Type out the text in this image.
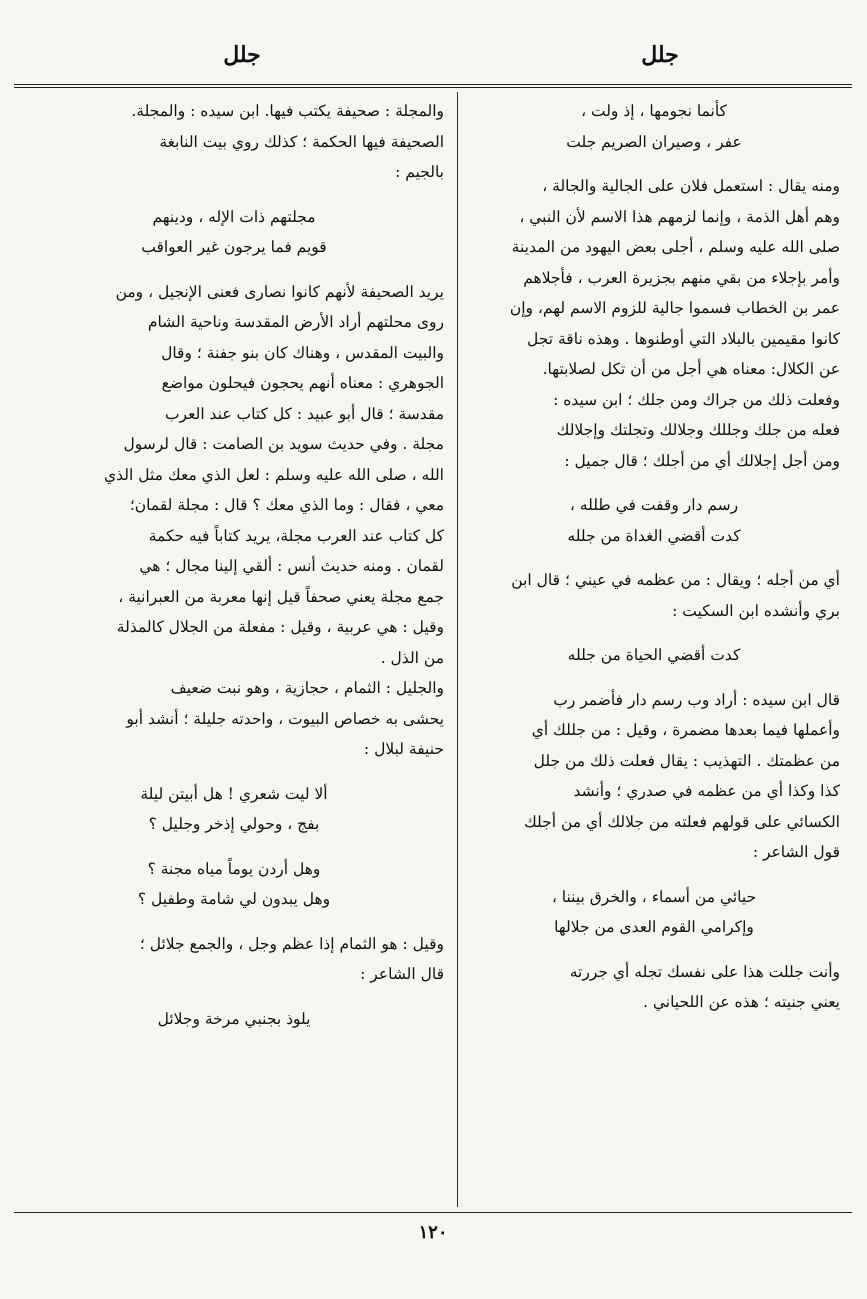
جلل
جلل

كأنما نجومها ، إذ ولت ،

عفر ، وصيران الصريم جلت

ومنه يقال : استعمل فلان على الجالية والجالة ،

وهم أهل الذمة ، وإنما لزمهم هذا الاسم لأن النبي ،

صلى الله عليه وسلم ، أجلى بعض اليهود من المدينة

وأمر بإجلاء من بقي منهم بجزيرة العرب ، فأجلاهم

عمر بن الخطاب فسموا جالية للزوم الاسم لهم، وإن

كانوا مقيمين بالبلاد التي أوطنوها . وهذه ناقة تجل

عن الكلال: معناه هي أجل من أن تكل لصلابتها.

وفعلت ذلك من جراك ومن جلك ؛ ابن سيده :

فعله من جلك وجللك وجلالك وتجلتك وإجلالك

ومن أجل إجلالك أي من أجلك ؛ قال جميل :

رسم دار وقفت في طلله ،

كدت أقضي الغداة من جلله

أي من أجله ؛ ويقال : من عظمه في عيني ؛ قال ابن

بري وأنشده ابن السكيت :

كدت أقضي الحياة من جلله

قال ابن سيده : أراد وب رسم دار فأضمر رب

وأعملها فيما بعدها مضمرة ، وقيل : من جللك أي

من عظمتك . التهذيب : يقال فعلت ذلك من جلل

كذا وكذا أي من عظمه في صدري ؛ وأنشد

الكسائي على قولهم فعلته من جلالك أي من أجلك

قول الشاعر :

حيائي من أسماء ، والخرق بيننا ،

وإكرامي القوم العدى من جلالها

وأنت جللت هذا على نفسك تجله أي جررته

يعني جنيته ؛ هذه عن اللحياني .

والمجلة : صحيفة يكتب فيها. ابن سيده : والمجلة.

الصحيفة فيها الحكمة ؛ كذلك روي بيت النابغة

بالجيم :

مجلتهم ذات الإله ، ودينهم

قويم فما يرجون غير العواقب

يريد الصحيفة لأنهم كانوا نصارى فعنى الإنجيل ، ومن

روى محلتهم أراد الأرض المقدسة وناحية الشام

والبيت المقدس ، وهناك كان بنو جفنة ؛ وقال

الجوهري : معناه أنهم يحجون فيحلون مواضع

مقدسة ؛ قال أبو عبيد : كل كتاب عند العرب

مجلة . وفي حديث سويد بن الصامت : قال لرسول

الله ، صلى الله عليه وسلم : لعل الذي معك مثل الذي

معي ، فقال : وما الذي معك ؟ قال : مجلة لقمان؛

كل كتاب عند العرب مجلة، يريد كتاباً فيه حكمة

لقمان . ومنه حديث أنس : ألقي إلينا مجال ؛ هي

جمع مجلة يعني صحفاً قيل إنها معربة من العبرانية ،

وقيل : هي عربية ، وقيل : مفعلة من الجلال كالمذلة

من الذل .

والجليل : الثمام ، حجازية ، وهو نبت ضعيف

يحشى به خصاص البيوت ، واحدته جليلة ؛ أنشد أبو

حنيفة لبلال :

ألا ليت شعري ! هل أبيتن ليلة

بفج ، وحولي إذخر وجليل ؟

وهل أردن يوماً مياه مجنة ؟

وهل يبدون لي شامة وطفيل ؟

وقيل : هو الثمام إذا عظم وجل ، والجمع جلائل ؛

قال الشاعر :

يلوذ بجنبي مرخة وجلائل

١٢٠
